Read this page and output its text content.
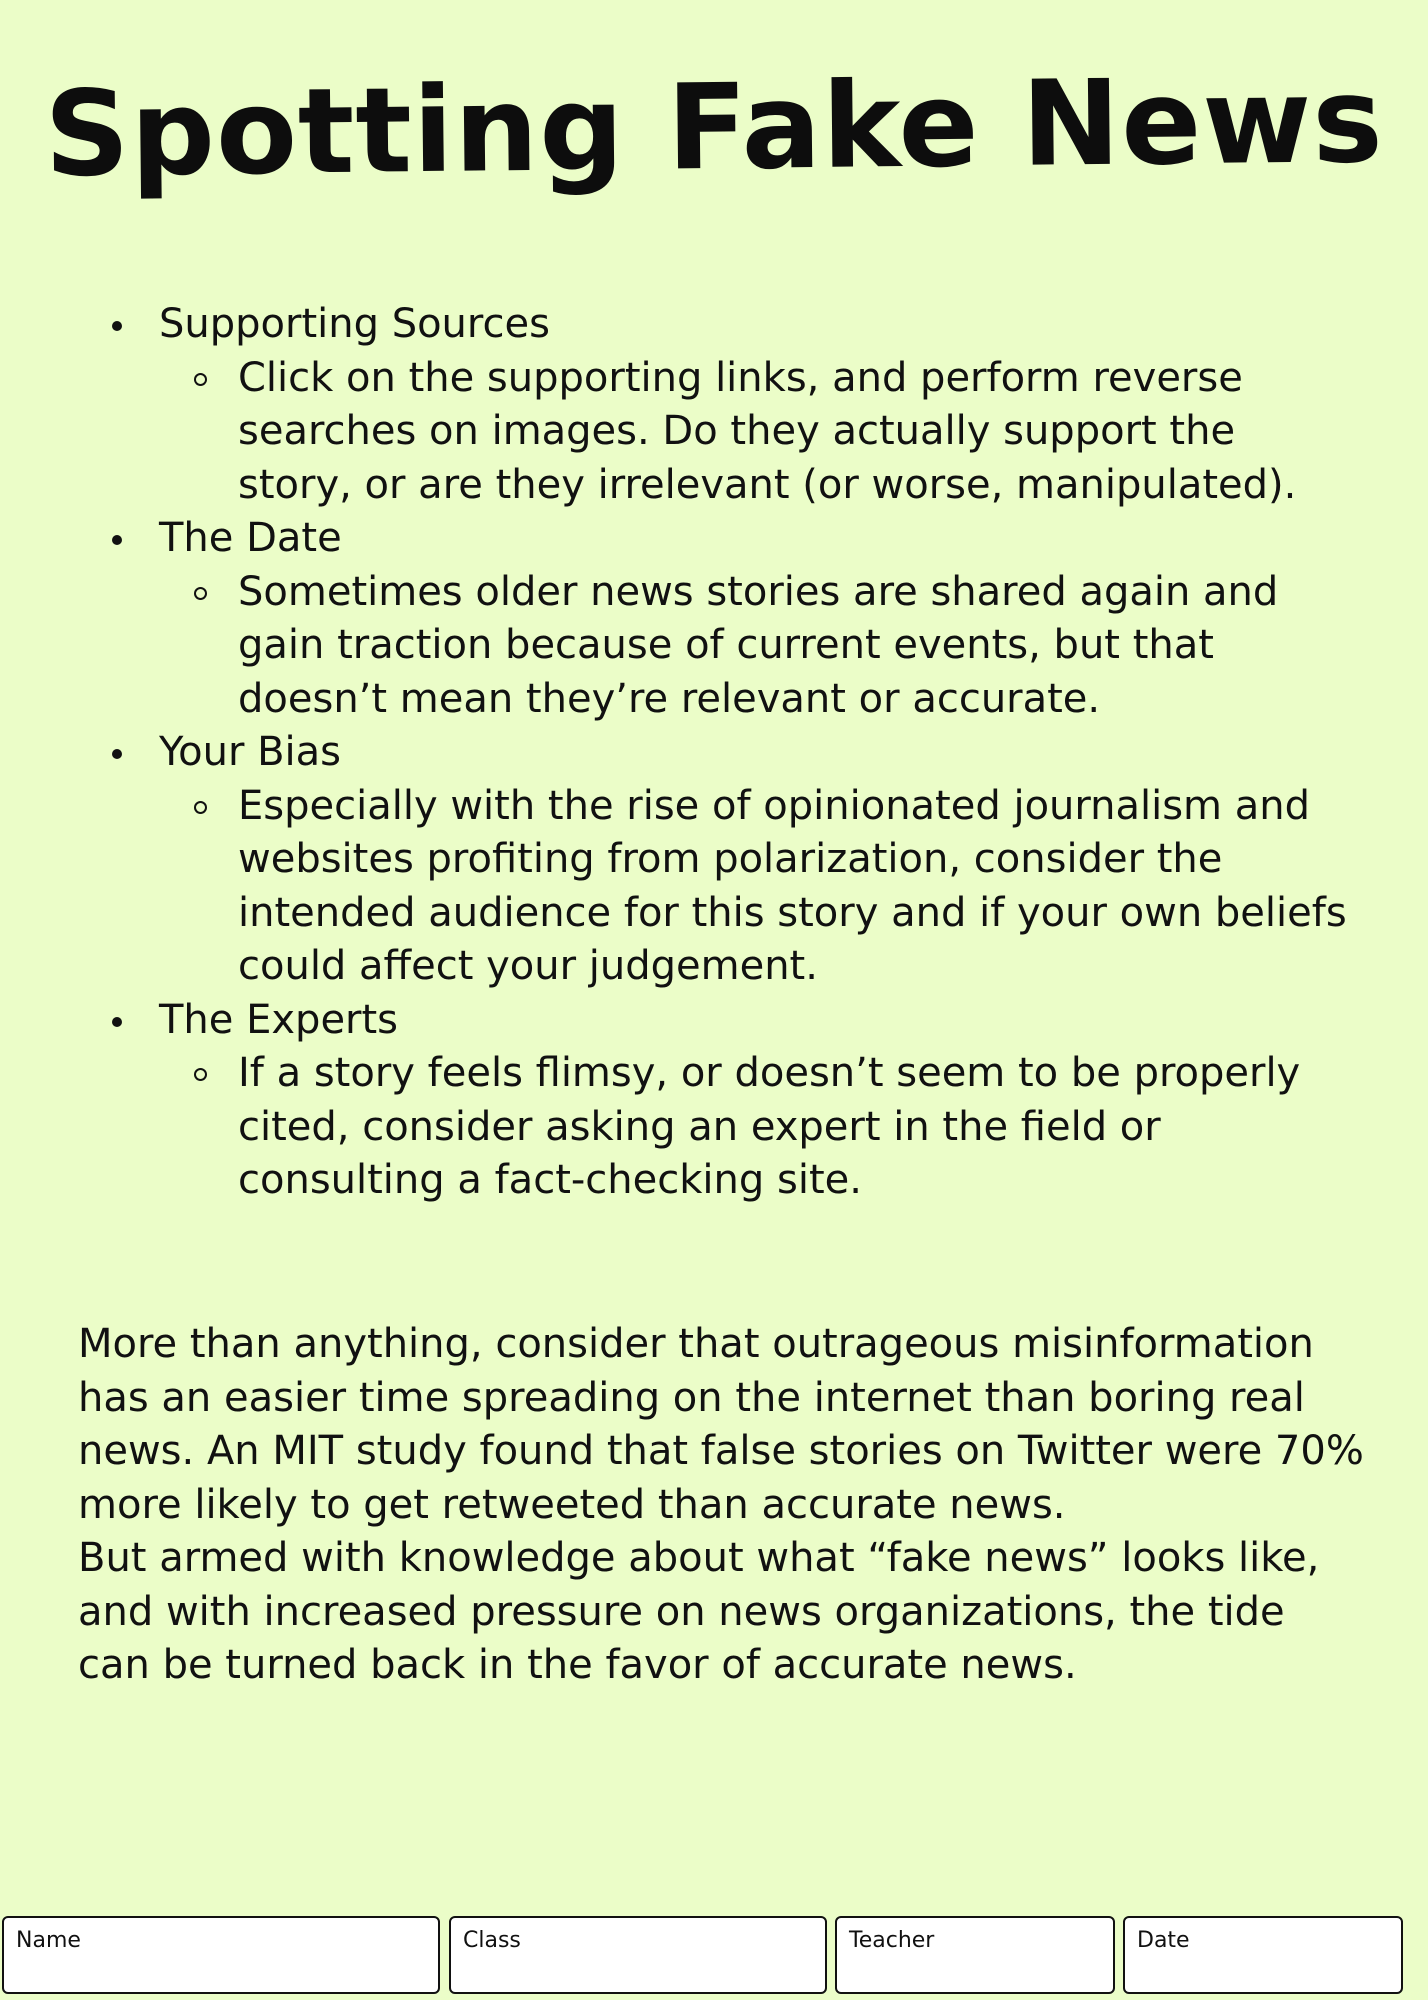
Spotting Fake News
Supporting Sources
Click on the supporting links, and perform reverse searches on images. Do they actually support the story, or are they irrelevant (or worse, manipulated).
The Date
Sometimes older news stories are shared again and gain traction because of current events, but that doesn’t mean they’re relevant or accurate.
Your Bias
Especially with the rise of opinionated journalism and websites profiting from polarization, consider the intended audience for this story and if your own beliefs could affect your judgement.
The Experts
If a story feels flimsy, or doesn’t seem to be properly cited, consider asking an expert in the field or consulting a fact-checking site.

More than anything, consider that outrageous misinformation has an easier time spreading on the internet than boring real news. An MIT study found that false stories on Twitter were 70% more likely to get retweeted than accurate news.

But armed with knowledge about what “fake news” looks like, and with increased pressure on news organizations, the tide can be turned back in the favor of accurate news.

Name	Class	Teacher	Date
